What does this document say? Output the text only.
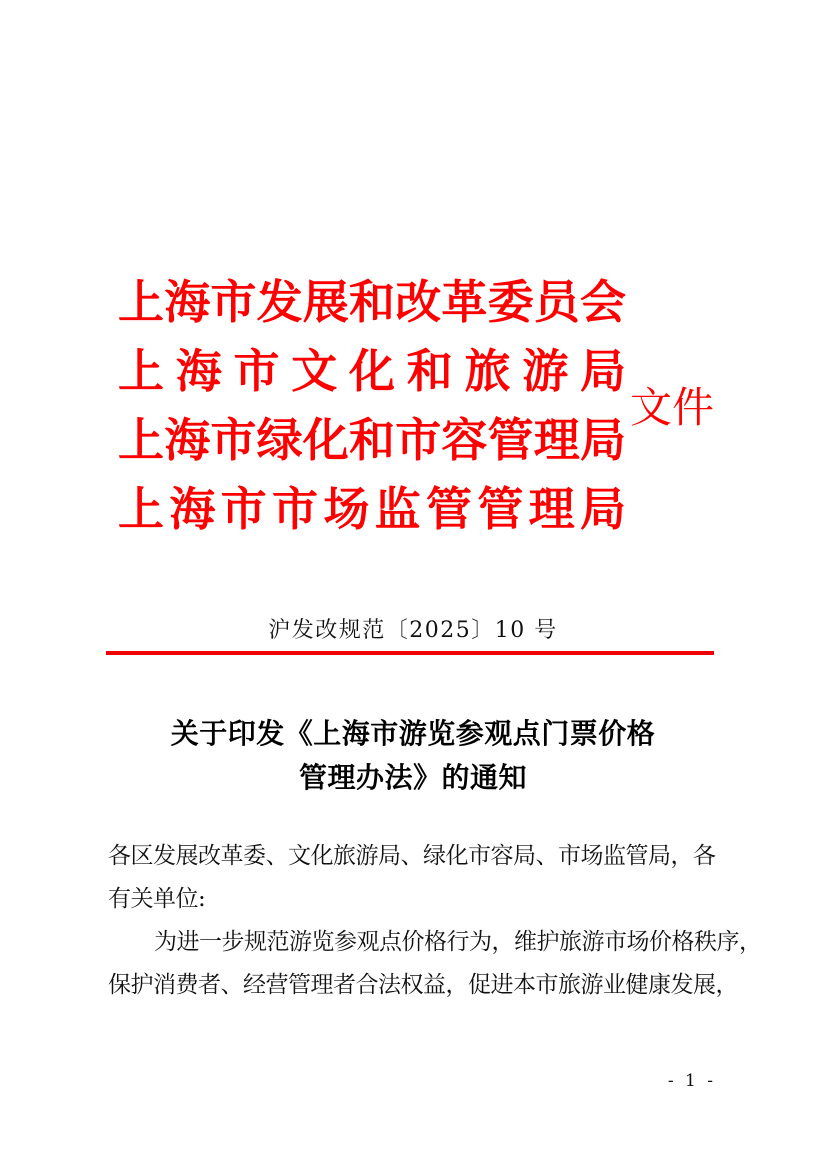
上海市发展和改革委员会
上海市文化和旅游局
上海市绿化和市容管理局
上海市市场监管管理局
文件
沪发改规范〔2025〕10 号
关于印发《上海市游览参观点门票价格
管理办法》的通知
各区发展改革委、文化旅游局、绿化市容局、市场监管局，各
有关单位:
为进一步规范游览参观点价格行为，维护旅游市场价格秩序，
保护消费者、经营管理者合法权益，促进本市旅游业健康发展，
- 1 -
